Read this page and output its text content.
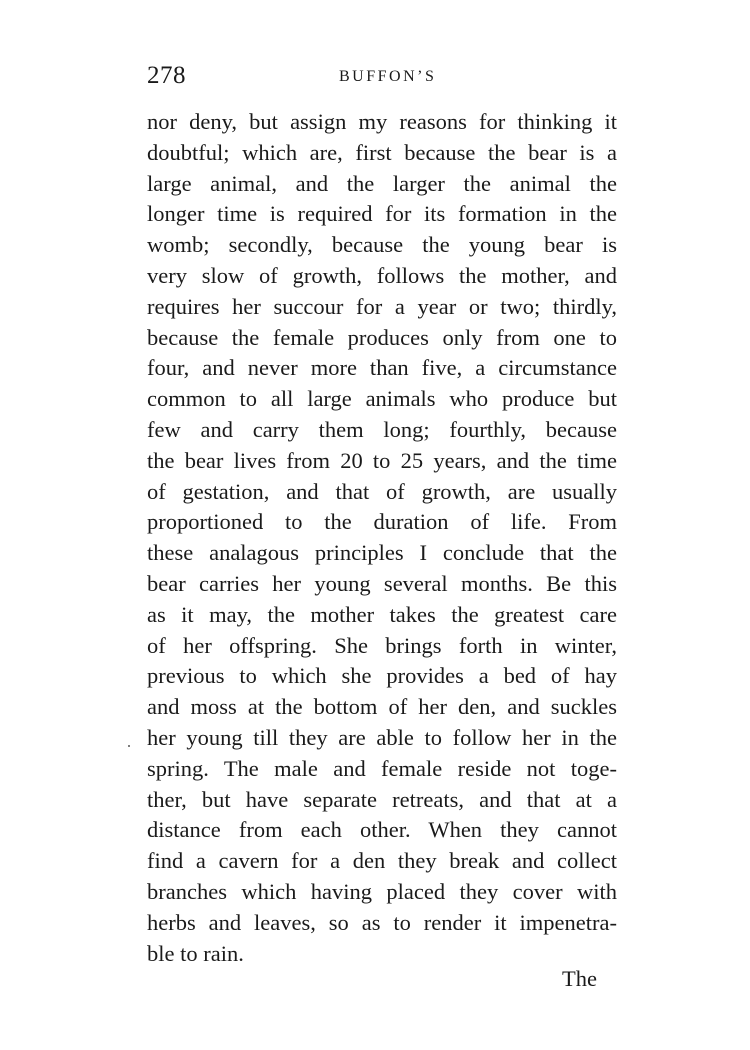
278	BUFFON’S
nor deny, but assign my reasons for thinking it
doubtful; which are, first because the bear is a
large animal, and the larger the animal the
longer time is required for its formation in the
womb; secondly, because the young bear is
very slow of growth, follows the mother, and
requires her succour for a year or two; thirdly,
because the female produces only from one to
four, and never more than five, a circumstance
common to all large animals who produce but
few and carry them long; fourthly, because
the bear lives from 20 to 25 years, and the time
of gestation, and that of growth, are usually
proportioned to the duration of life. From
these analagous principles I conclude that the
bear carries her young several months. Be this
as it may, the mother takes the greatest care
of her offspring. She brings forth in winter,
previous to which she provides a bed of hay
and moss at the bottom of her den, and suckles
her young till they are able to follow her in the
spring. The male and female reside not toge-
ther, but have separate retreats, and that at a
distance from each other. When they cannot
find a cavern for a den they break and collect
branches which having placed they cover with
herbs and leaves, so as to render it impenetra-
ble to rain.
The
